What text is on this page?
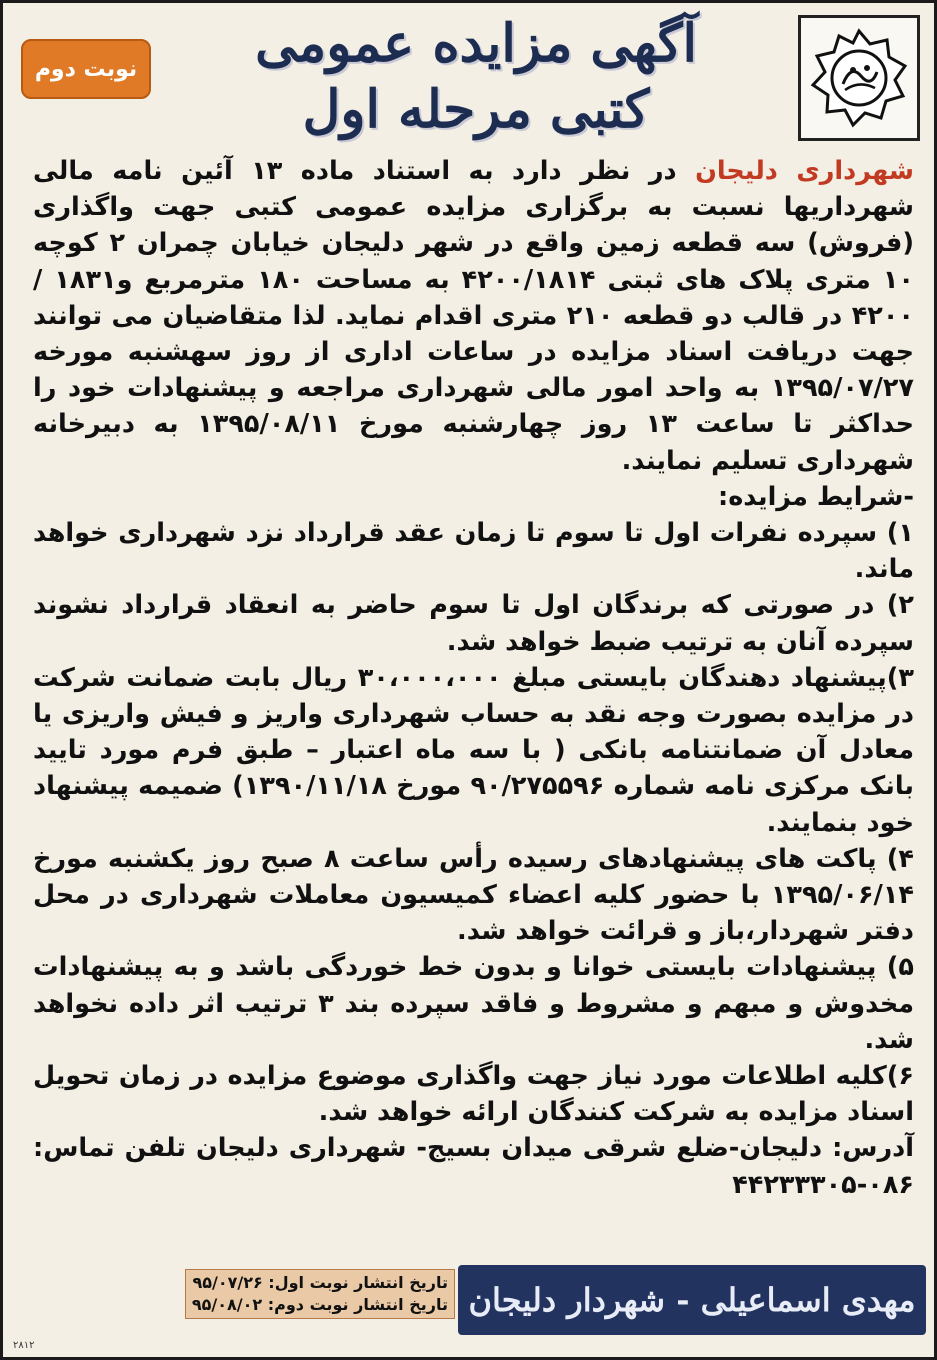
آگهی مزایده عمومی
کتبی مرحله اول
نوبت دوم

شهرداری دلیجان در نظر دارد به استناد ماده ۱۳ آئین نامه مالی شهرداریها نسبت به برگزاری مزایده عمومی کتبی جهت واگذاری (فروش) سه قطعه زمین واقع در شهر دلیجان خیابان چمران ۲ کوچه ۱۰ متری پلاک های ثبتی ۴۲۰۰/۱۸۱۴ به مساحت ۱۸۰ مترمربع و۱۸۳۱ /۴۲۰۰ در قالب دو قطعه ۲۱۰ متری اقدام نماید. لذا متقاضیان می توانند جهت دریافت اسناد مزایده در ساعات اداری از روز سهشنبه مورخه ۱۳۹۵/۰۷/۲۷ به واحد امور مالی شهرداری مراجعه و پیشنهادات خود را حداکثر تا ساعت ۱۳ روز چهارشنبه مورخ ۱۳۹۵/۰۸/۱۱ به دبیرخانه شهرداری تسلیم نمایند.

-شرایط مزایده:

۱) سپرده نفرات اول تا سوم تا زمان عقد قرارداد نزد شهرداری خواهد ماند.

۲) در صورتی که برندگان اول تا سوم حاضر به انعقاد قرارداد نشوند سپرده آنان به ترتیب ضبط خواهد شد.

۳)پیشنهاد دهندگان بایستی مبلغ ۳۰،۰۰۰،۰۰۰ ریال بابت ضمانت شرکت در مزایده بصورت وجه نقد به حساب شهرداری واریز و فیش واریزی یا معادل آن ضمانتنامه بانکی ( با سه ماه اعتبار – طبق فرم مورد تایید بانک مرکزی نامه شماره ۹۰/۲۷۵۵۹۶ مورخ ۱۳۹۰/۱۱/۱۸) ضمیمه پیشنهاد خود بنمایند.

۴) پاکت های پیشنهادهای رسیده رأس ساعت ۸ صبح روز یکشنبه مورخ ۱۳۹۵/۰۶/۱۴ با حضور کلیه اعضاء کمیسیون معاملات شهرداری در محل دفتر شهردار،باز و قرائت خواهد شد.

۵) پیشنهادات بایستی خوانا و بدون خط خوردگی باشد و به پیشنهادات مخدوش و مبهم و مشروط و فاقد سپرده بند ۳ ترتیب اثر داده نخواهد شد.

۶)کلیه اطلاعات مورد نیاز جهت واگذاری موضوع مزایده در زمان تحویل اسناد مزایده به شرکت کنندگان ارائه خواهد شد.

آدرس: دلیجان-ضلع شرقی میدان بسیج- شهرداری دلیجان تلفن تماس: ۰۸۶-۴۴۲۳۳۳۰۵

مهدی اسماعیلی - شهردار دلیجان
تاریخ انتشار نوبت اول: ۹۵/۰۷/۲۶
تاریخ انتشار نوبت دوم: ۹۵/۰۸/۰۲
۲۸۱۲
